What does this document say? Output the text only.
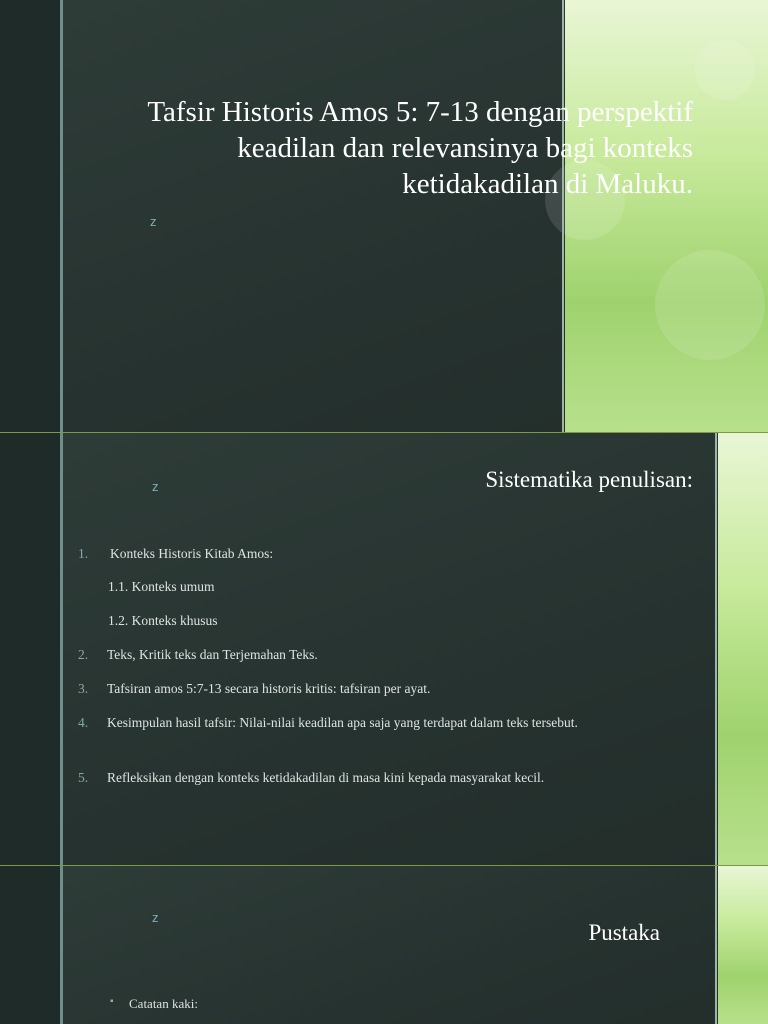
Tafsir Historis Amos 5: 7-13 dengan perspektif keadilan dan relevansinya bagi konteks ketidakadilan di Maluku.
z
z	Sistematika penulisan:
1. Konteks Historis Kitab Amos:
1.1. Konteks umum
1.2. Konteks khusus
2. Teks, Kritik teks dan Terjemahan Teks.
3. Tafsiran amos 5:7-13 secara historis kritis: tafsiran per ayat.
4. Kesimpulan hasil tafsir: Nilai-nilai keadilan apa saja yang terdapat dalam teks tersebut.
5. Refleksikan dengan konteks ketidakadilan di masa kini kepada masyarakat kecil.
z
Pustaka
▪ Catatan kaki:
